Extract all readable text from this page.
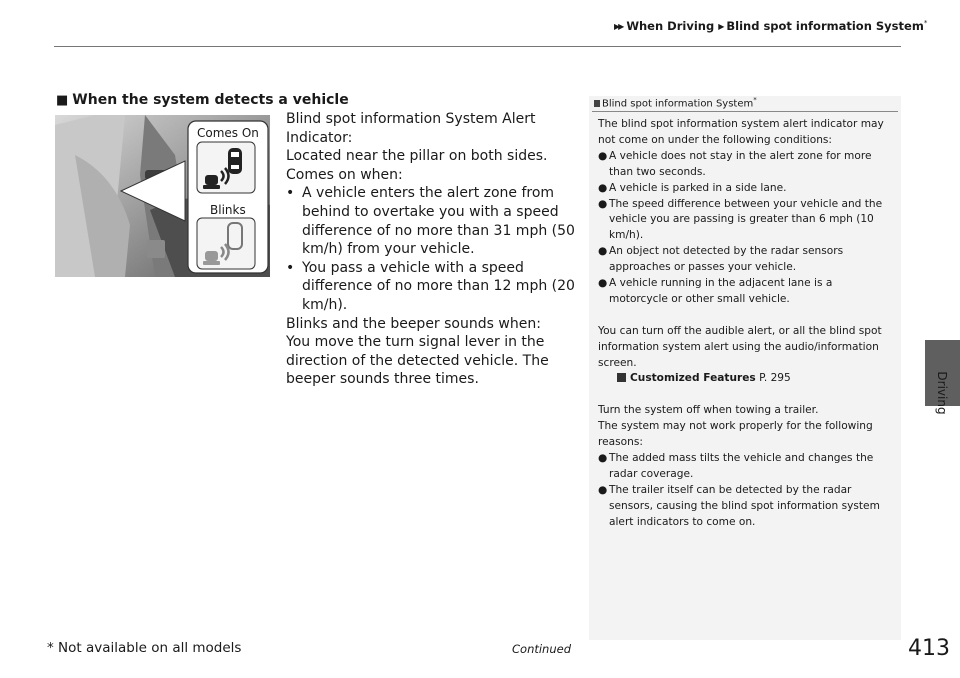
▶▶ When Driving ▶ Blind spot information System*
Driving
■ When the system detects a vehicle
Comes On
Blinks

Blind spot information System Alert Indicator:

Located near the pillar on both sides.

Comes on when:

• A vehicle enters the alert zone from behind to overtake you with a speed difference of no more than 31 mph (50 km/h) from your vehicle.
• You pass a vehicle with a speed difference of no more than 12 mph (20 km/h).

Blinks and the beeper sounds when:

You move the turn signal lever in the direction of the detected vehicle. The beeper sounds three times.

Blind spot information System*

The blind spot information system alert indicator may not come on under the following conditions:

● A vehicle does not stay in the alert zone for more than two seconds.
● A vehicle is parked in a side lane.
● The speed difference between your vehicle and the vehicle you are passing is greater than 6 mph (10 km/h).
● An object not detected by the radar sensors approaches or passes your vehicle.
● A vehicle running in the adjacent lane is a motorcycle or other small vehicle.

You can turn off the audible alert, or all the blind spot information system alert using the audio/information screen.

Customized Features P. 295

Turn the system off when towing a trailer.

The system may not work properly for the following reasons:

● The added mass tilts the vehicle and changes the radar coverage.
● The trailer itself can be detected by the radar sensors, causing the blind spot information system alert indicators to come on.
* Not available on all models	Continued	413
